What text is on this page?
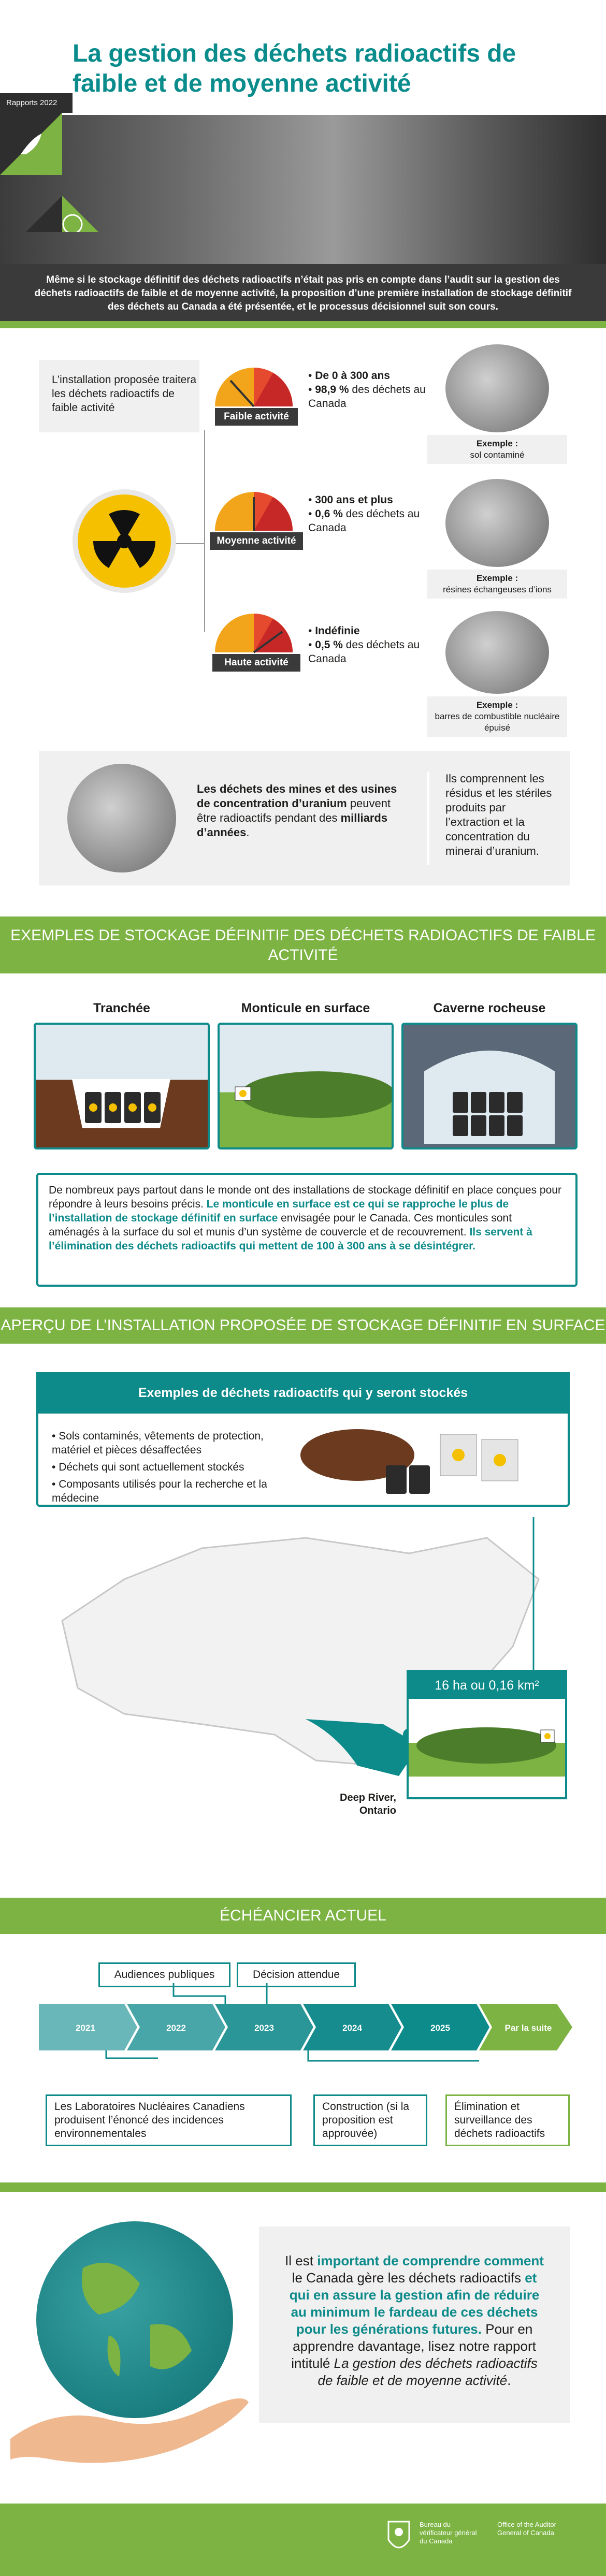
La gestion des déchets radioactifs de faible et de moyenne activité
Rapports 2022
Même si le stockage définitif des déchets radioactifs n’était pas pris en compte dans l’audit sur la gestion des déchets radioactifs de faible et de moyenne activité, la proposition d’une première installation de stockage définitif des déchets au Canada a été présentée, et le processus décisionnel suit son cours.
L’installation proposée traitera les déchets radioactifs de faible activité
Faible activité
• De 0 à 300 ans
• 98,9 % des déchets au Canada
Exemple :
sol contaminé
Moyenne activité
• 300 ans et plus
• 0,6 % des déchets au Canada
Exemple :
résines échangeuses d’ions
Haute activité
• Indéfinie
• 0,5 % des déchets au Canada
Exemple :
barres de combustible nucléaire épuisé
Les déchets des mines et des usines de concentration d’uranium peuvent être radioactifs pendant des milliards d’années.
Ils comprennent les résidus et les stériles produits par l’extraction et la concentration du minerai d’uranium.
EXEMPLES DE STOCKAGE DÉFINITIF DES DÉCHETS RADIOACTIFS DE FAIBLE ACTIVITÉ
Tranchée	Monticule en surface	Caverne rocheuse
De nombreux pays partout dans le monde ont des installations de stockage définitif en place conçues pour répondre à leurs besoins précis. Le monticule en surface est ce qui se rapproche le plus de l’installation de stockage définitif en surface envisagée pour le Canada. Ces monticules sont aménagés à la surface du sol et munis d’un système de couvercle et de recouvrement. Ils servent à l’élimination des déchets radioactifs qui mettent de 100 à 300 ans à se désintégrer.
APERÇU DE L’INSTALLATION PROPOSÉE DE STOCKAGE DÉFINITIF EN SURFACE
Exemples de déchets radioactifs qui y seront stockés
• Sols contaminés, vêtements de protection, matériel et pièces désaffectées
• Déchets qui sont actuellement stockés
• Composants utilisés pour la recherche et la médecine
16 ha ou 0,16 km²
Deep River, Ontario
ÉCHÉANCIER ACTUEL
Audiences publiques	Décision attendue
2021	2022	2023	2024	2025	Par la suite
Les Laboratoires Nucléaires Canadiens produisent l’énoncé des incidences environnementales
Construction (si la proposition est approuvée)
Élimination et surveillance des déchets radioactifs
Il est important de comprendre comment le Canada gère les déchets radioactifs et qui en assure la gestion afin de réduire au minimum le fardeau de ces déchets pour les générations futures. Pour en apprendre davantage, lisez notre rapport intitulé La gestion des déchets radioactifs de faible et de moyenne activité.
Bureau du vérificateur général du Canada
Office of the Auditor General of Canada
